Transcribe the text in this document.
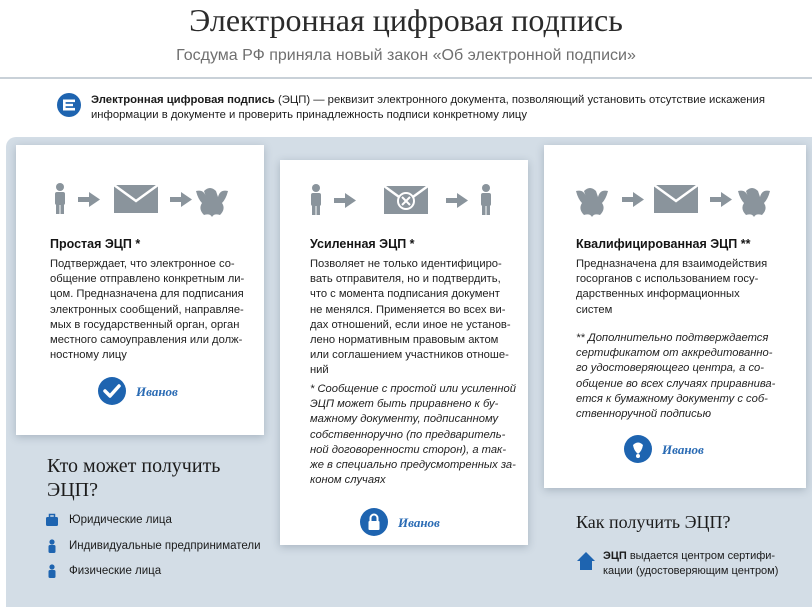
Электронная цифровая подпись
Госдума РФ приняла новый закон «Об электронной подписи»
Электронная цифровая подпись (ЭЦП) — реквизит электронного документа, позволяющий установить отсутствие искажения информации в документе и проверить принадлежность подписи конкретному лицу
Простая ЭЦП *

Подтверждает, что электронное со-
общение отправлено конкретным ли-
цом. Предназначена для подписания
электронных сообщений, направляе-
мых в государственный орган, орган
местного самоуправления или долж-
ностному лицу

Иванов
Усиленная ЭЦП *

Позволяет не только идентифициро-
вать отправителя, но и подтвердить,
что с момента подписания документ
не менялся. Применяется во всех ви-
дах отношений, если иное не установ-
лено нормативным правовым актом
или соглашением участников отноше-
ний

* Сообщение с простой или усиленной
ЭЦП может быть приравнено к бу-
мажному документу, подписанному
собственноручно (по предваритель-
ной договоренности сторон), а так-
же в специально предусмотренных за-
коном случаях

Иванов
Квалифицированная ЭЦП **

Предназначена для взаимодействия
госорганов с использованием госу-
дарственных информационных
систем

** Дополнительно подтверждается
сертификатом от аккредитованно-
го удостоверяющего центра, а со-
общение во всех случаях приравнива-
ется к бумажному документу с соб-
ственноручной подписью

Иванов
Кто может получить ЭЦП?
Юридические лица
Индивидуальные предприниматели
Физические лица
Как получить ЭЦП?
ЭЦП выдается центром сертифи- кации (удостоверяющим центром)
